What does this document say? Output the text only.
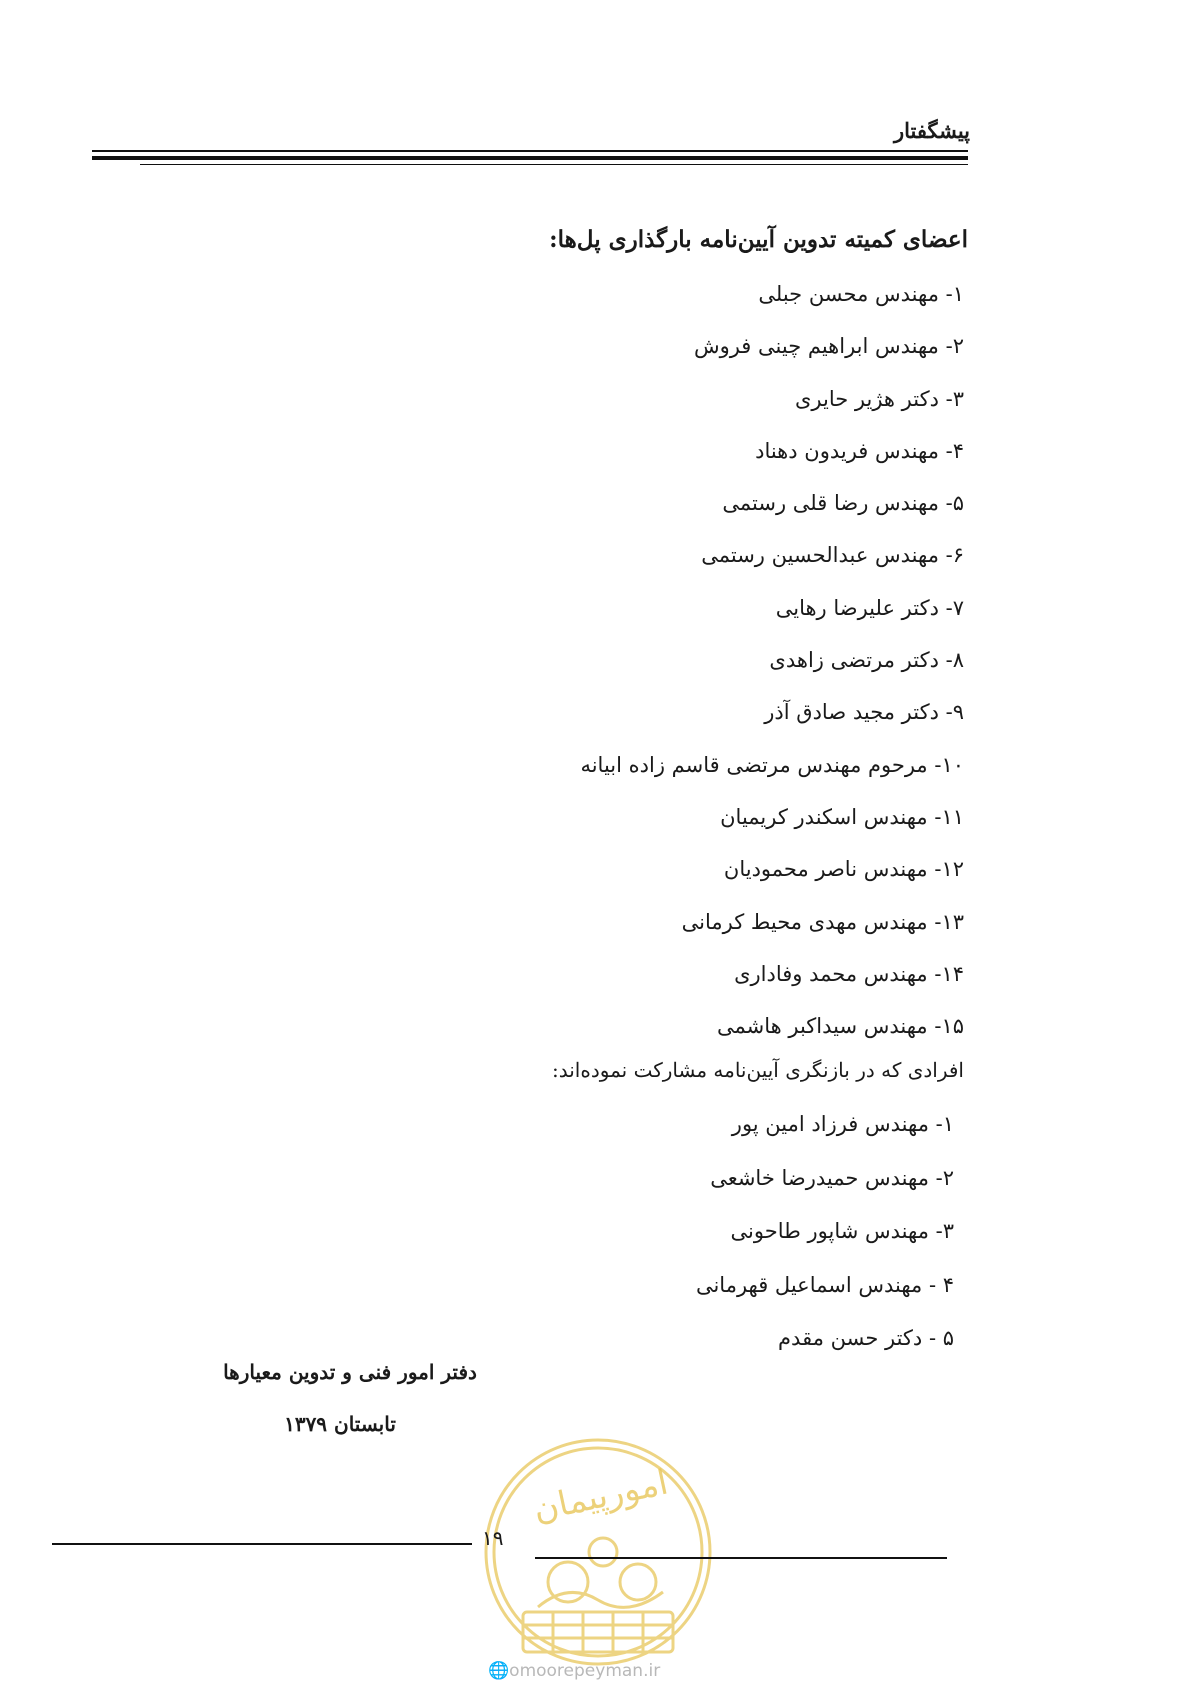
پیشگفتار
اعضای کمیته تدوین آیین‌نامه بارگذاری پل‌ها:
۱- مهندس محسن جبلی
۲- مهندس ابراهیم چینی فروش
۳- دکتر هژیر حایری
۴- مهندس فریدون دهناد
۵- مهندس رضا قلی رستمی
۶- مهندس عبدالحسین رستمی
۷- دکتر علیرضا رهایی
۸- دکتر مرتضی زاهدی
۹- دکتر مجید صادق آذر
۱۰- مرحوم مهندس مرتضی قاسم زاده ابیانه
۱۱- مهندس اسکندر کریمیان
۱۲- مهندس ناصر محمودیان
۱۳- مهندس مهدی محیط کرمانی
۱۴- مهندس محمد وفاداری
۱۵- مهندس سیداکبر هاشمی
افرادی که در بازنگری آیین‌نامه مشارکت نموده‌اند:
۱- مهندس فرزاد امین پور
۲- مهندس حمیدرضا خاشعی
۳- مهندس شاپور طاحونی
۴ - مهندس اسماعیل قهرمانی
۵ - دکتر حسن مقدم
دفتر امور فنی و تدوین معیارها
تابستان ۱۳۷۹
امورپیمان
۱۹
🌐omoorepeyman.ir
